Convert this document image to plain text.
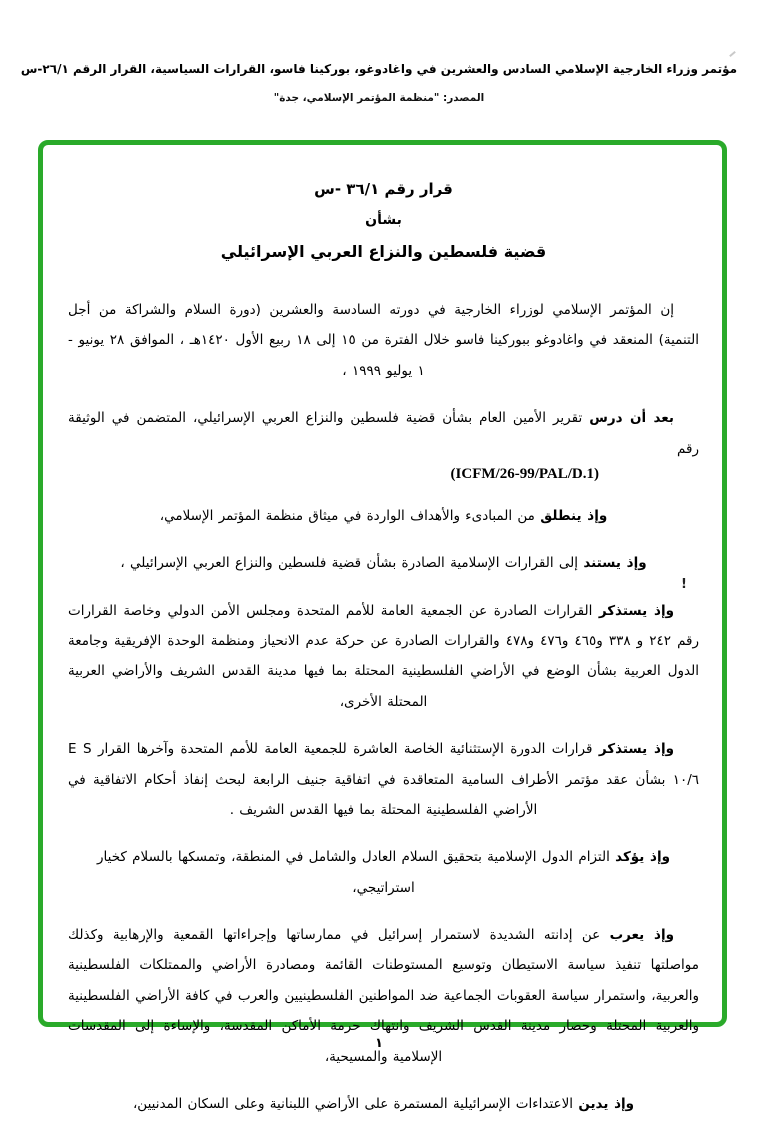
مؤتمر وزراء الخارجية الإسلامي السادس والعشرين في واغادوغو، بوركينا فاسو، القرارات السياسية، القرار الرقم ٢٦/١-س
المصدر: "منظمة المؤتمر الإسلامي، جدة"
قرار رقم ٣٦/١ -س
بشأن
قضية فلسطين والنزاع العربي الإسرائيلي
إن المؤتمر الإسلامي لوزراء الخارجية في دورته السادسة والعشرين (دورة السلام والشراكة من أجل التنمية) المنعقد في واغادوغو ببوركينا فاسو خلال الفترة من ١٥ إلى ١٨ ربيع الأول ١٤٢٠هـ ، الموافق ٢٨ يونيو - ١ يوليو ١٩٩٩ ،
بعد أن درس تقرير الأمين العام بشأن قضية فلسطين والنزاع العربي الإسرائيلي، المتضمن في الوثيقة رقم
(ICFM/26-99/PAL/D.1)
وإذ ينطلق من المبادىء والأهداف الواردة في ميثاق منظمة المؤتمر الإسلامي،
وإذ يستند إلى القرارات الإسلامية الصادرة بشأن قضية فلسطين والنزاع العربي الإسرائيلي ،
وإذ يستذكر القرارات الصادرة عن الجمعية العامة للأمم المتحدة ومجلس الأمن الدولي وخاصة القرارات رقم ٢٤٢ و ٣٣٨ و٤٦٥ و٤٧٦ و٤٧٨ والقرارات الصادرة عن حركة عدم الانحياز ومنظمة الوحدة الإفريقية وجامعة الدول العربية بشأن الوضع في الأراضي الفلسطينية المحتلة بما فيها مدينة القدس الشريف والأراضي العربية المحتلة الأخرى،
وإذ يستذكر قرارات الدورة الإستثنائية الخاصة العاشرة للجمعية العامة للأمم المتحدة وآخرها القرار E S ١٠/٦ بشأن عقد مؤتمر الأطراف السامية المتعاقدة في اتفاقية جنيف الرابعة لبحث إنفاذ أحكام الاتفاقية في الأراضي الفلسطينية المحتلة بما فيها القدس الشريف .
وإذ يؤكد التزام الدول الإسلامية بتحقيق السلام العادل والشامل في المنطقة، وتمسكها بالسلام كخيار استراتيجي،
وإذ يعرب عن إدانته الشديدة لاستمرار إسرائيل في ممارساتها وإجراءاتها القمعية والإرهابية وكذلك مواصلتها تنفيذ سياسة الاستيطان وتوسيع المستوطنات القائمة ومصادرة الأراضي والممتلكات الفلسطينية والعربية، واستمرار سياسة العقوبات الجماعية ضد المواطنين الفلسطينيين والعرب في كافة الأراضي الفلسطينية والعربية المحتلة وحصار مدينة القدس الشريف وانتهاك حرمة الأماكن المقدسة، والإساءة إلى المقدسات الإسلامية والمسيحية،
وإذ يدين الاعتداءات الإسرائيلية المستمرة على الأراضي اللبنانية وعلى السكان المدنيين،
!
١
